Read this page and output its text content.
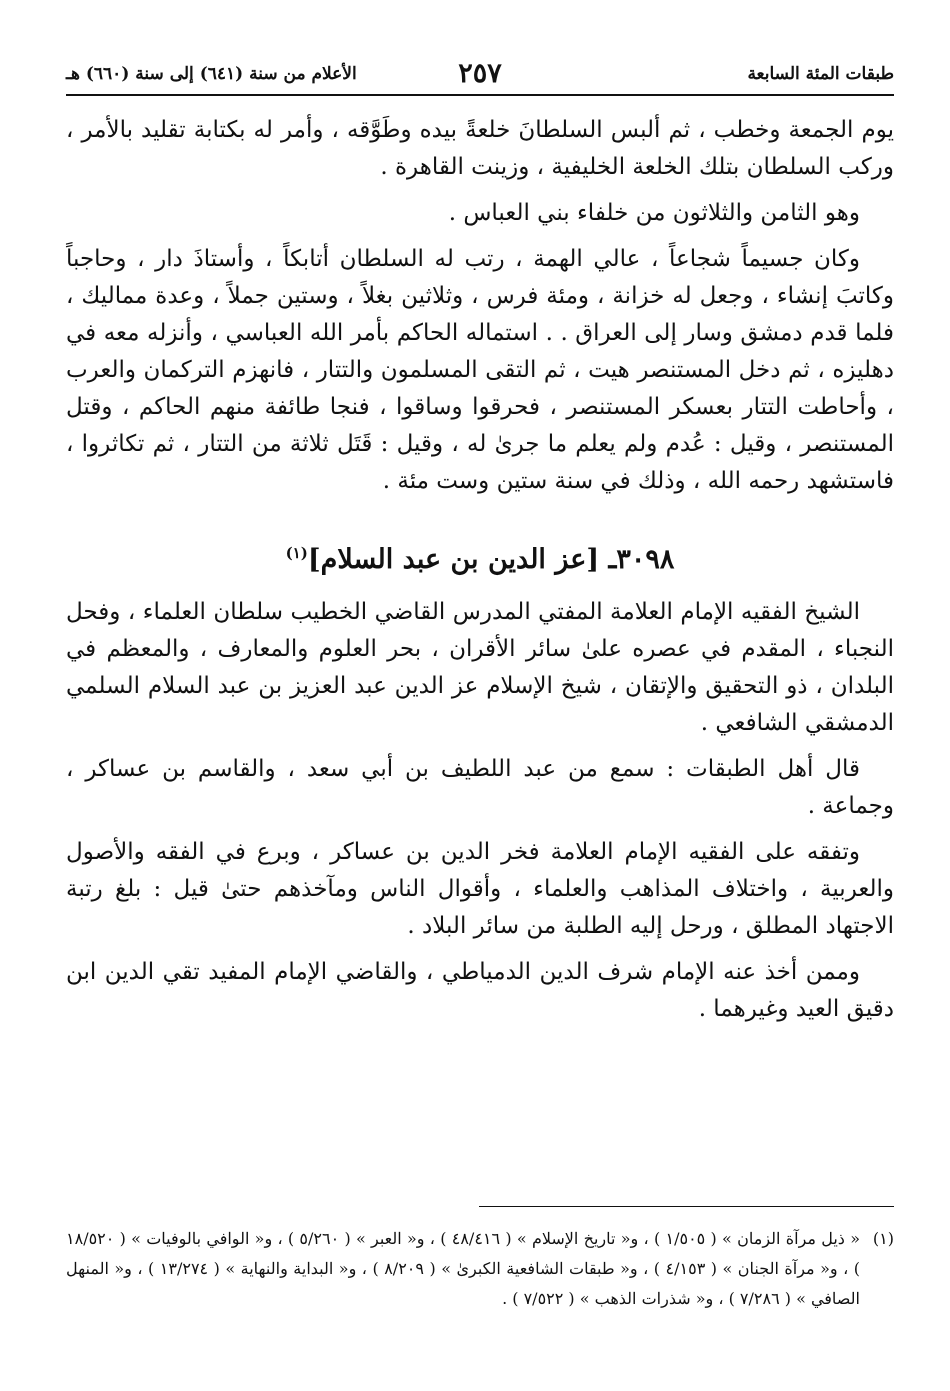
طبقات المئة السابعة
٢٥٧
الأعلام من سنة (٦٤١) إلى سنة (٦٦٠) هـ

يوم الجمعة وخطب ، ثم ألبس السلطانَ خلعةً بيده وطَوَّقه ، وأمر له بكتابة تقليد بالأمر ، وركب السلطان بتلك الخلعة الخليفية ، وزينت القاهرة .

وهو الثامن والثلاثون من خلفاء بني العباس .

وكان جسيماً شجاعاً ، عالي الهمة ، رتب له السلطان أتابكاً ، وأستاذَ دار ، وحاجباً وكاتبَ إنشاء ، وجعل له خزانة ، ومئة فرس ، وثلاثين بغلاً ، وستين جملاً ، وعدة مماليك ، فلما قدم دمشق وسار إلى العراق . . استماله الحاكم بأمر الله العباسي ، وأنزله معه في دهليزه ، ثم دخل المستنصر هيت ، ثم التقى المسلمون والتتار ، فانهزم التركمان والعرب ، وأحاطت التتار بعسكر المستنصر ، فحرقوا وساقوا ، فنجا طائفة منهم الحاكم ، وقتل المستنصر ، وقيل : عُدم ولم يعلم ما جرىٰ له ، وقيل : قَتَل ثلاثة من التتار ، ثم تكاثروا ، فاستشهد رحمه الله ، وذلك في سنة ستين وست مئة .

٣٠٩٨ـ [عز الدين بن عبد السلام]$^{(١)}$

الشيخ الفقيه الإمام العلامة المفتي المدرس القاضي الخطيب سلطان العلماء ، وفحل النجباء ، المقدم في عصره علىٰ سائر الأقران ، بحر العلوم والمعارف ، والمعظم في البلدان ، ذو التحقيق والإتقان ، شيخ الإسلام عز الدين عبد العزيز بن عبد السلام السلمي الدمشقي الشافعي .

قال أهل الطبقات : سمع من عبد اللطيف بن أبي سعد ، والقاسم بن عساكر ، وجماعة .

وتفقه على الفقيه الإمام العلامة فخر الدين بن عساكر ، وبرع في الفقه والأصول والعربية ، واختلاف المذاهب والعلماء ، وأقوال الناس ومآخذهم حتىٰ قيل : بلغ رتبة الاجتهاد المطلق ، ورحل إليه الطلبة من سائر البلاد .

وممن أخذ عنه الإمام شرف الدين الدمياطي ، والقاضي الإمام المفيد تقي الدين ابن دقيق العيد وغيرهما .

(١)
« ذيل مرآة الزمان » ( ١/٥٠٥ ) ، و« تاريخ الإسلام » ( ٤٨/٤١٦ ) ، و« العبر » ( ٥/٢٦٠ ) ، و« الوافي بالوفيات » ( ١٨/٥٢٠ ) ، و« مرآة الجنان » ( ٤/١٥٣ ) ، و« طبقات الشافعية الكبرىٰ » ( ٨/٢٠٩ ) ، و« البداية والنهاية » ( ١٣/٢٧٤ ) ، و« المنهل الصافي » ( ٧/٢٨٦ ) ، و« شذرات الذهب » ( ٧/٥٢٢ ) .
